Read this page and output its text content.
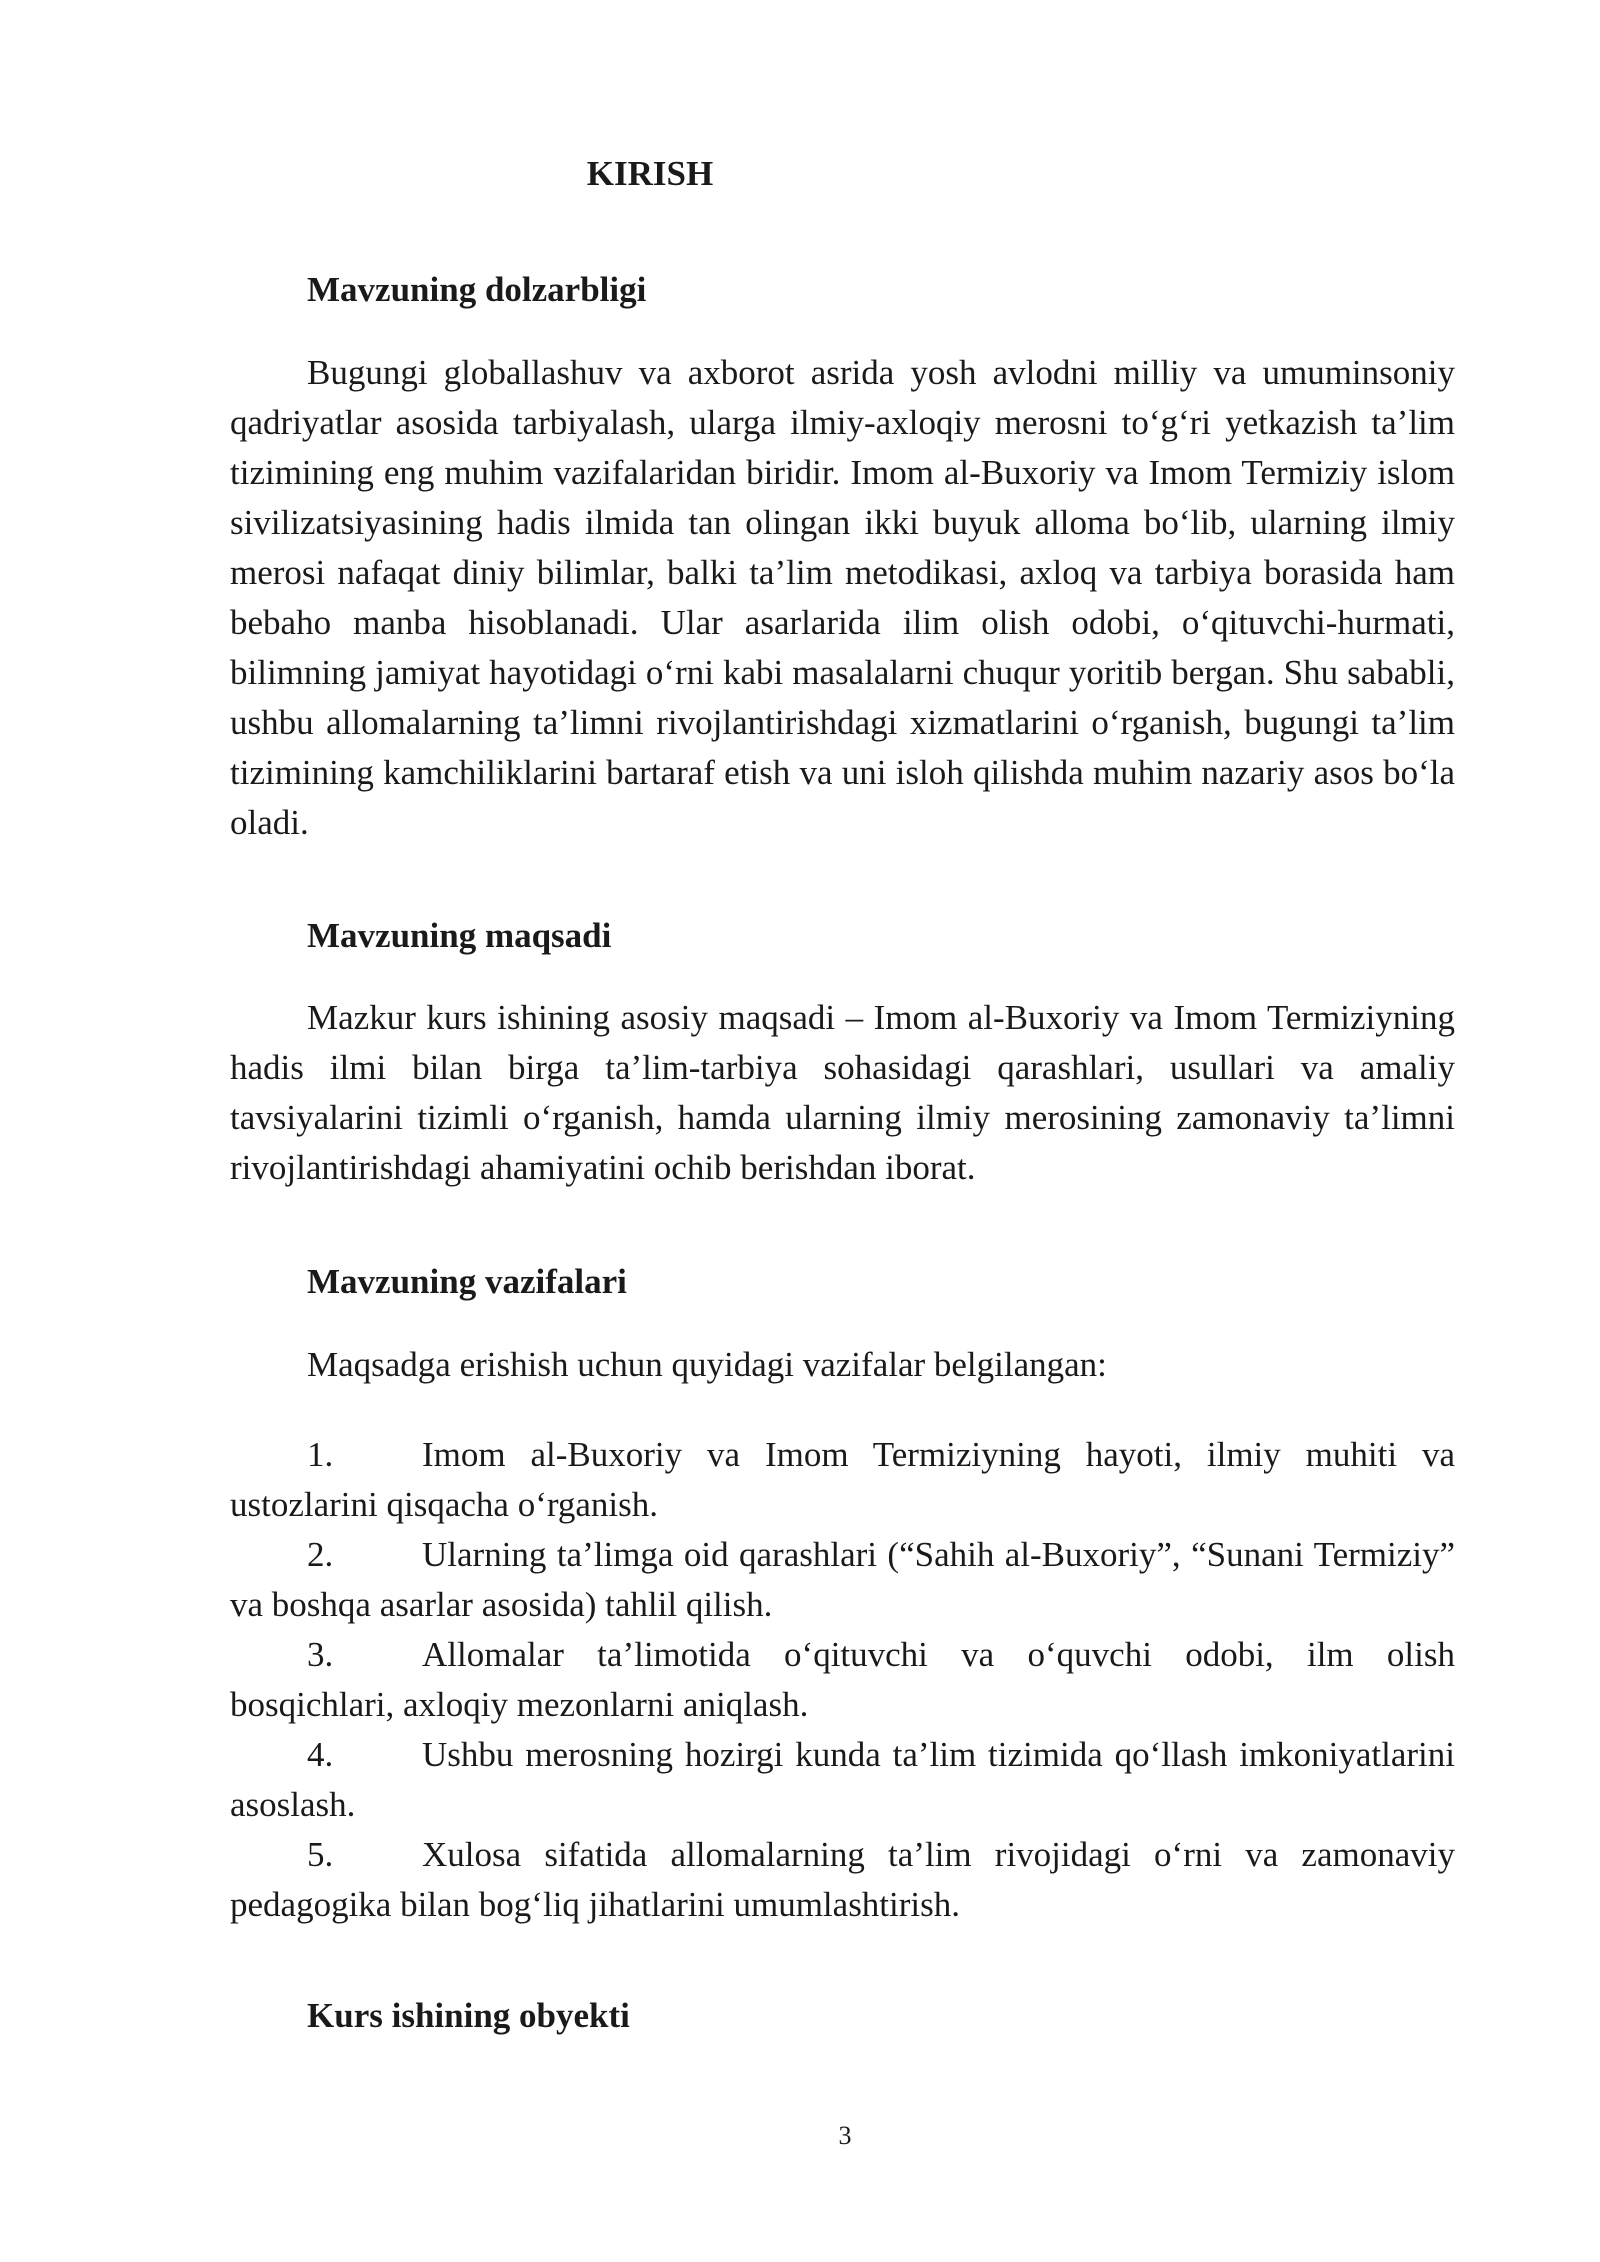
KIRISH
Mavzuning dolzarbligi

Bugungi globallashuv va axborot asrida yosh avlodni milliy va umuminsoniy qadriyatlar asosida tarbiyalash, ularga ilmiy-axloqiy merosni to‘g‘ri yetkazish ta’lim tizimining eng muhim vazifalaridan biridir. Imom al-Buxoriy va Imom Termiziy islom sivilizatsiyasining hadis ilmida tan olingan ikki buyuk alloma bo‘lib, ularning ilmiy merosi nafaqat diniy bilimlar, balki ta’lim metodikasi, axloq va tarbiya borasida ham bebaho manba hisoblanadi. Ular asarlarida ilim olish odobi, o‘qituvchi-hurmati, bilimning jamiyat hayotidagi o‘rni kabi masalalarni chuqur yoritib bergan. Shu sababli, ushbu allomalarning ta’limni rivojlantirishdagi xizmatlarini o‘rganish, bugungi ta’lim tizimining kamchiliklarini bartaraf etish va uni isloh qilishda muhim nazariy asos bo‘la oladi.

Mavzuning maqsadi

Mazkur kurs ishining asosiy maqsadi – Imom al-Buxoriy va Imom Termiziyning hadis ilmi bilan birga ta’lim-tarbiya sohasidagi qarashlari, usullari va amaliy tavsiyalarini tizimli o‘rganish, hamda ularning ilmiy merosining zamonaviy ta’limni rivojlantirishdagi ahamiyatini ochib berishdan iborat.

Mavzuning vazifalari

Maqsadga erishish uchun quyidagi vazifalar belgilangan:

1.	Imom al-Buxoriy va Imom Termiziyning hayoti, ilmiy muhiti va ustozlarini qisqacha o‘rganish.
2.	Ularning ta’limga oid qarashlari (“Sahih al-Buxoriy”, “Sunani Termiziy” va boshqa asarlar asosida) tahlil qilish.
3.	Allomalar ta’limotida o‘qituvchi va o‘quvchi odobi, ilm olish bosqichlari, axloqiy mezonlarni aniqlash.
4.	Ushbu merosning hozirgi kunda ta’lim tizimida qo‘llash imkoniyatlarini asoslash.
5.	Xulosa sifatida allomalarning ta’lim rivojidagi o‘rni va zamonaviy pedagogika bilan bog‘liq jihatlarini umumlashtirish.
Kurs ishining obyekti
3
